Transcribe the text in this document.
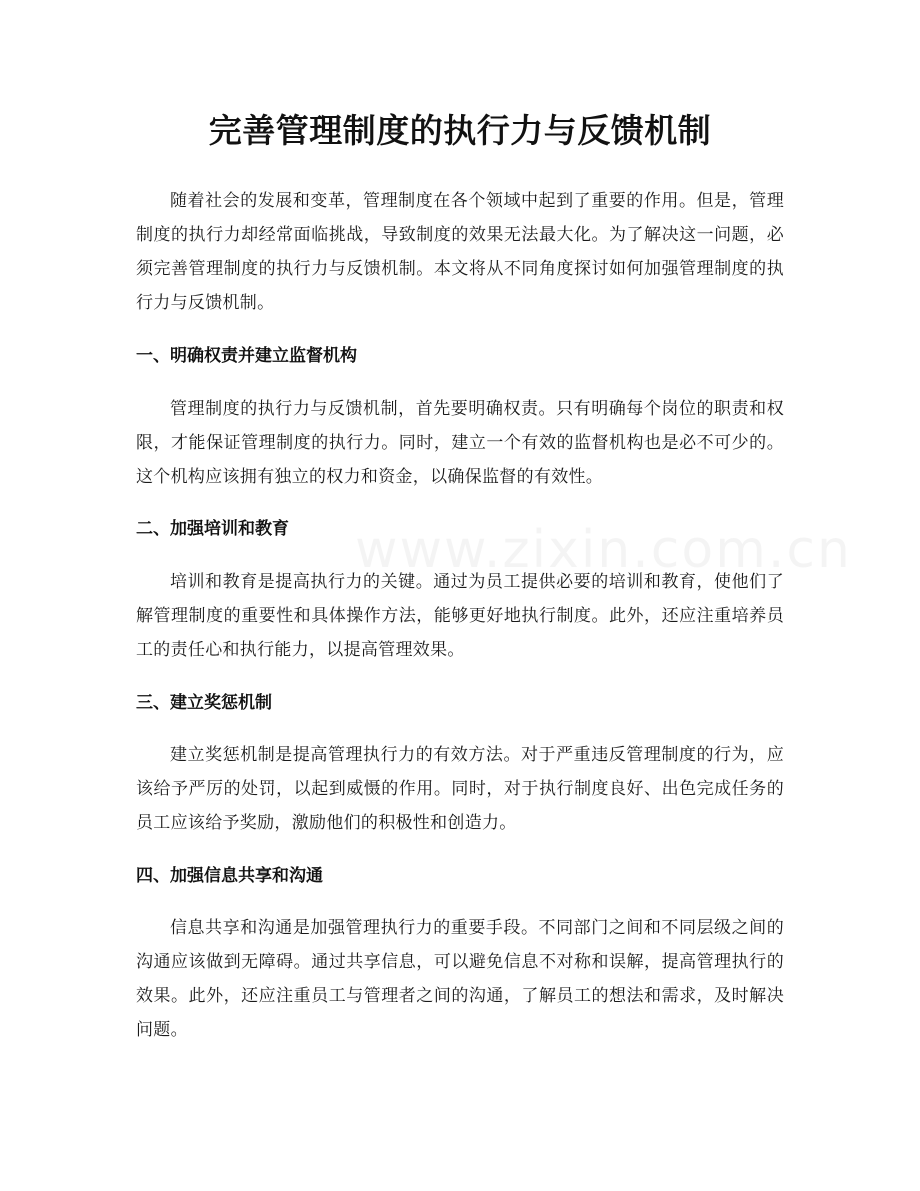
完善管理制度的执行力与反馈机制

随着社会的发展和变革，管理制度在各个领域中起到了重要的作用。但是，管理制度的执行力却经常面临挑战，导致制度的效果无法最大化。为了解决这一问题，必须完善管理制度的执行力与反馈机制。本文将从不同角度探讨如何加强管理制度的执行力与反馈机制。

一、明确权责并建立监督机构

管理制度的执行力与反馈机制，首先要明确权责。只有明确每个岗位的职责和权限，才能保证管理制度的执行力。同时，建立一个有效的监督机构也是必不可少的。这个机构应该拥有独立的权力和资金，以确保监督的有效性。

二、加强培训和教育

培训和教育是提高执行力的关键。通过为员工提供必要的培训和教育，使他们了解管理制度的重要性和具体操作方法，能够更好地执行制度。此外，还应注重培养员工的责任心和执行能力，以提高管理效果。

三、建立奖惩机制

建立奖惩机制是提高管理执行力的有效方法。对于严重违反管理制度的行为，应该给予严厉的处罚，以起到威慑的作用。同时，对于执行制度良好、出色完成任务的员工应该给予奖励，激励他们的积极性和创造力。

四、加强信息共享和沟通

信息共享和沟通是加强管理执行力的重要手段。不同部门之间和不同层级之间的沟通应该做到无障碍。通过共享信息，可以避免信息不对称和误解，提高管理执行的效果。此外，还应注重员工与管理者之间的沟通，了解员工的想法和需求，及时解决问题。
